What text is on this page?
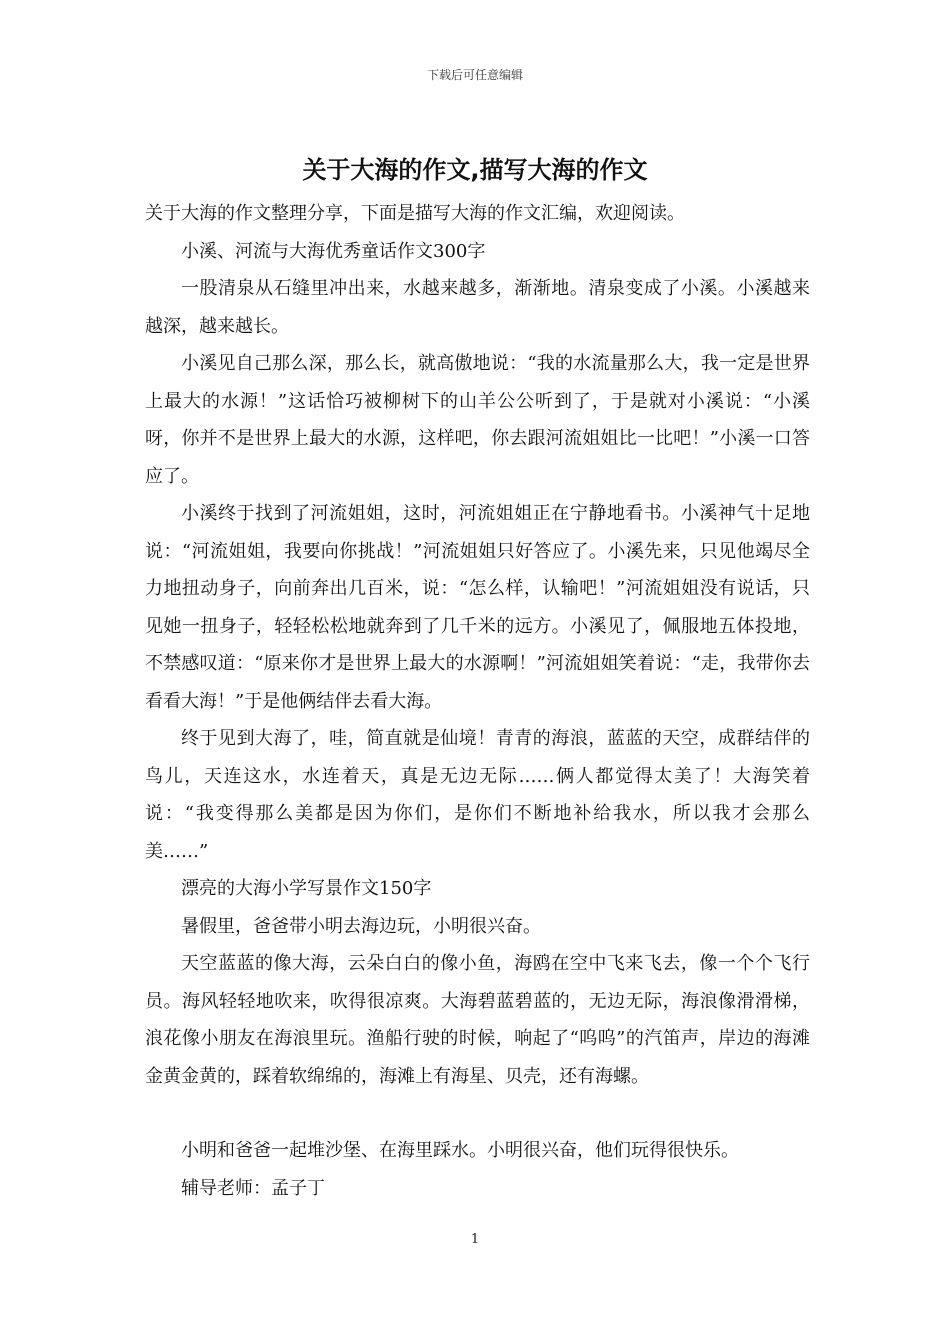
下载后可任意编辑
关于大海的作文,描写大海的作文

关于大海的作文整理分享，下面是描写大海的作文汇编，欢迎阅读。

小溪、河流与大海优秀童话作文300字

一股清泉从石缝里冲出来，水越来越多，渐渐地。清泉变成了小溪。小溪越来越深，越来越长。

小溪见自己那么深，那么长，就高傲地说：“我的水流量那么大，我一定是世界上最大的水源！”这话恰巧被柳树下的山羊公公听到了，于是就对小溪说：“小溪呀，你并不是世界上最大的水源，这样吧，你去跟河流姐姐比一比吧！”小溪一口答应了。

小溪终于找到了河流姐姐，这时，河流姐姐正在宁静地看书。小溪神气十足地说：“河流姐姐，我要向你挑战！”河流姐姐只好答应了。小溪先来，只见他竭尽全力地扭动身子，向前奔出几百米，说：“怎么样，认输吧！”河流姐姐没有说话，只见她一扭身子，轻轻松松地就奔到了几千米的远方。小溪见了，佩服地五体投地，不禁感叹道：“原来你才是世界上最大的水源啊！”河流姐姐笑着说：“走，我带你去看看大海！”于是他俩结伴去看大海。

终于见到大海了，哇，简直就是仙境！青青的海浪，蓝蓝的天空，成群结伴的鸟儿，天连这水，水连着天，真是无边无际……俩人都觉得太美了！大海笑着说：“我变得那么美都是因为你们，是你们不断地补给我水，所以我才会那么美……”

漂亮的大海小学写景作文150字

暑假里，爸爸带小明去海边玩，小明很兴奋。

天空蓝蓝的像大海，云朵白白的像小鱼，海鸥在空中飞来飞去，像一个个飞行员。海风轻轻地吹来，吹得很凉爽。大海碧蓝碧蓝的，无边无际，海浪像滑滑梯，浪花像小朋友在海浪里玩。渔船行驶的时候，响起了“呜呜”的汽笛声，岸边的海滩金黄金黄的，踩着软绵绵的，海滩上有海星、贝壳，还有海螺。

小明和爸爸一起堆沙堡、在海里踩水。小明很兴奋，他们玩得很快乐。

辅导老师：孟子丁

1
